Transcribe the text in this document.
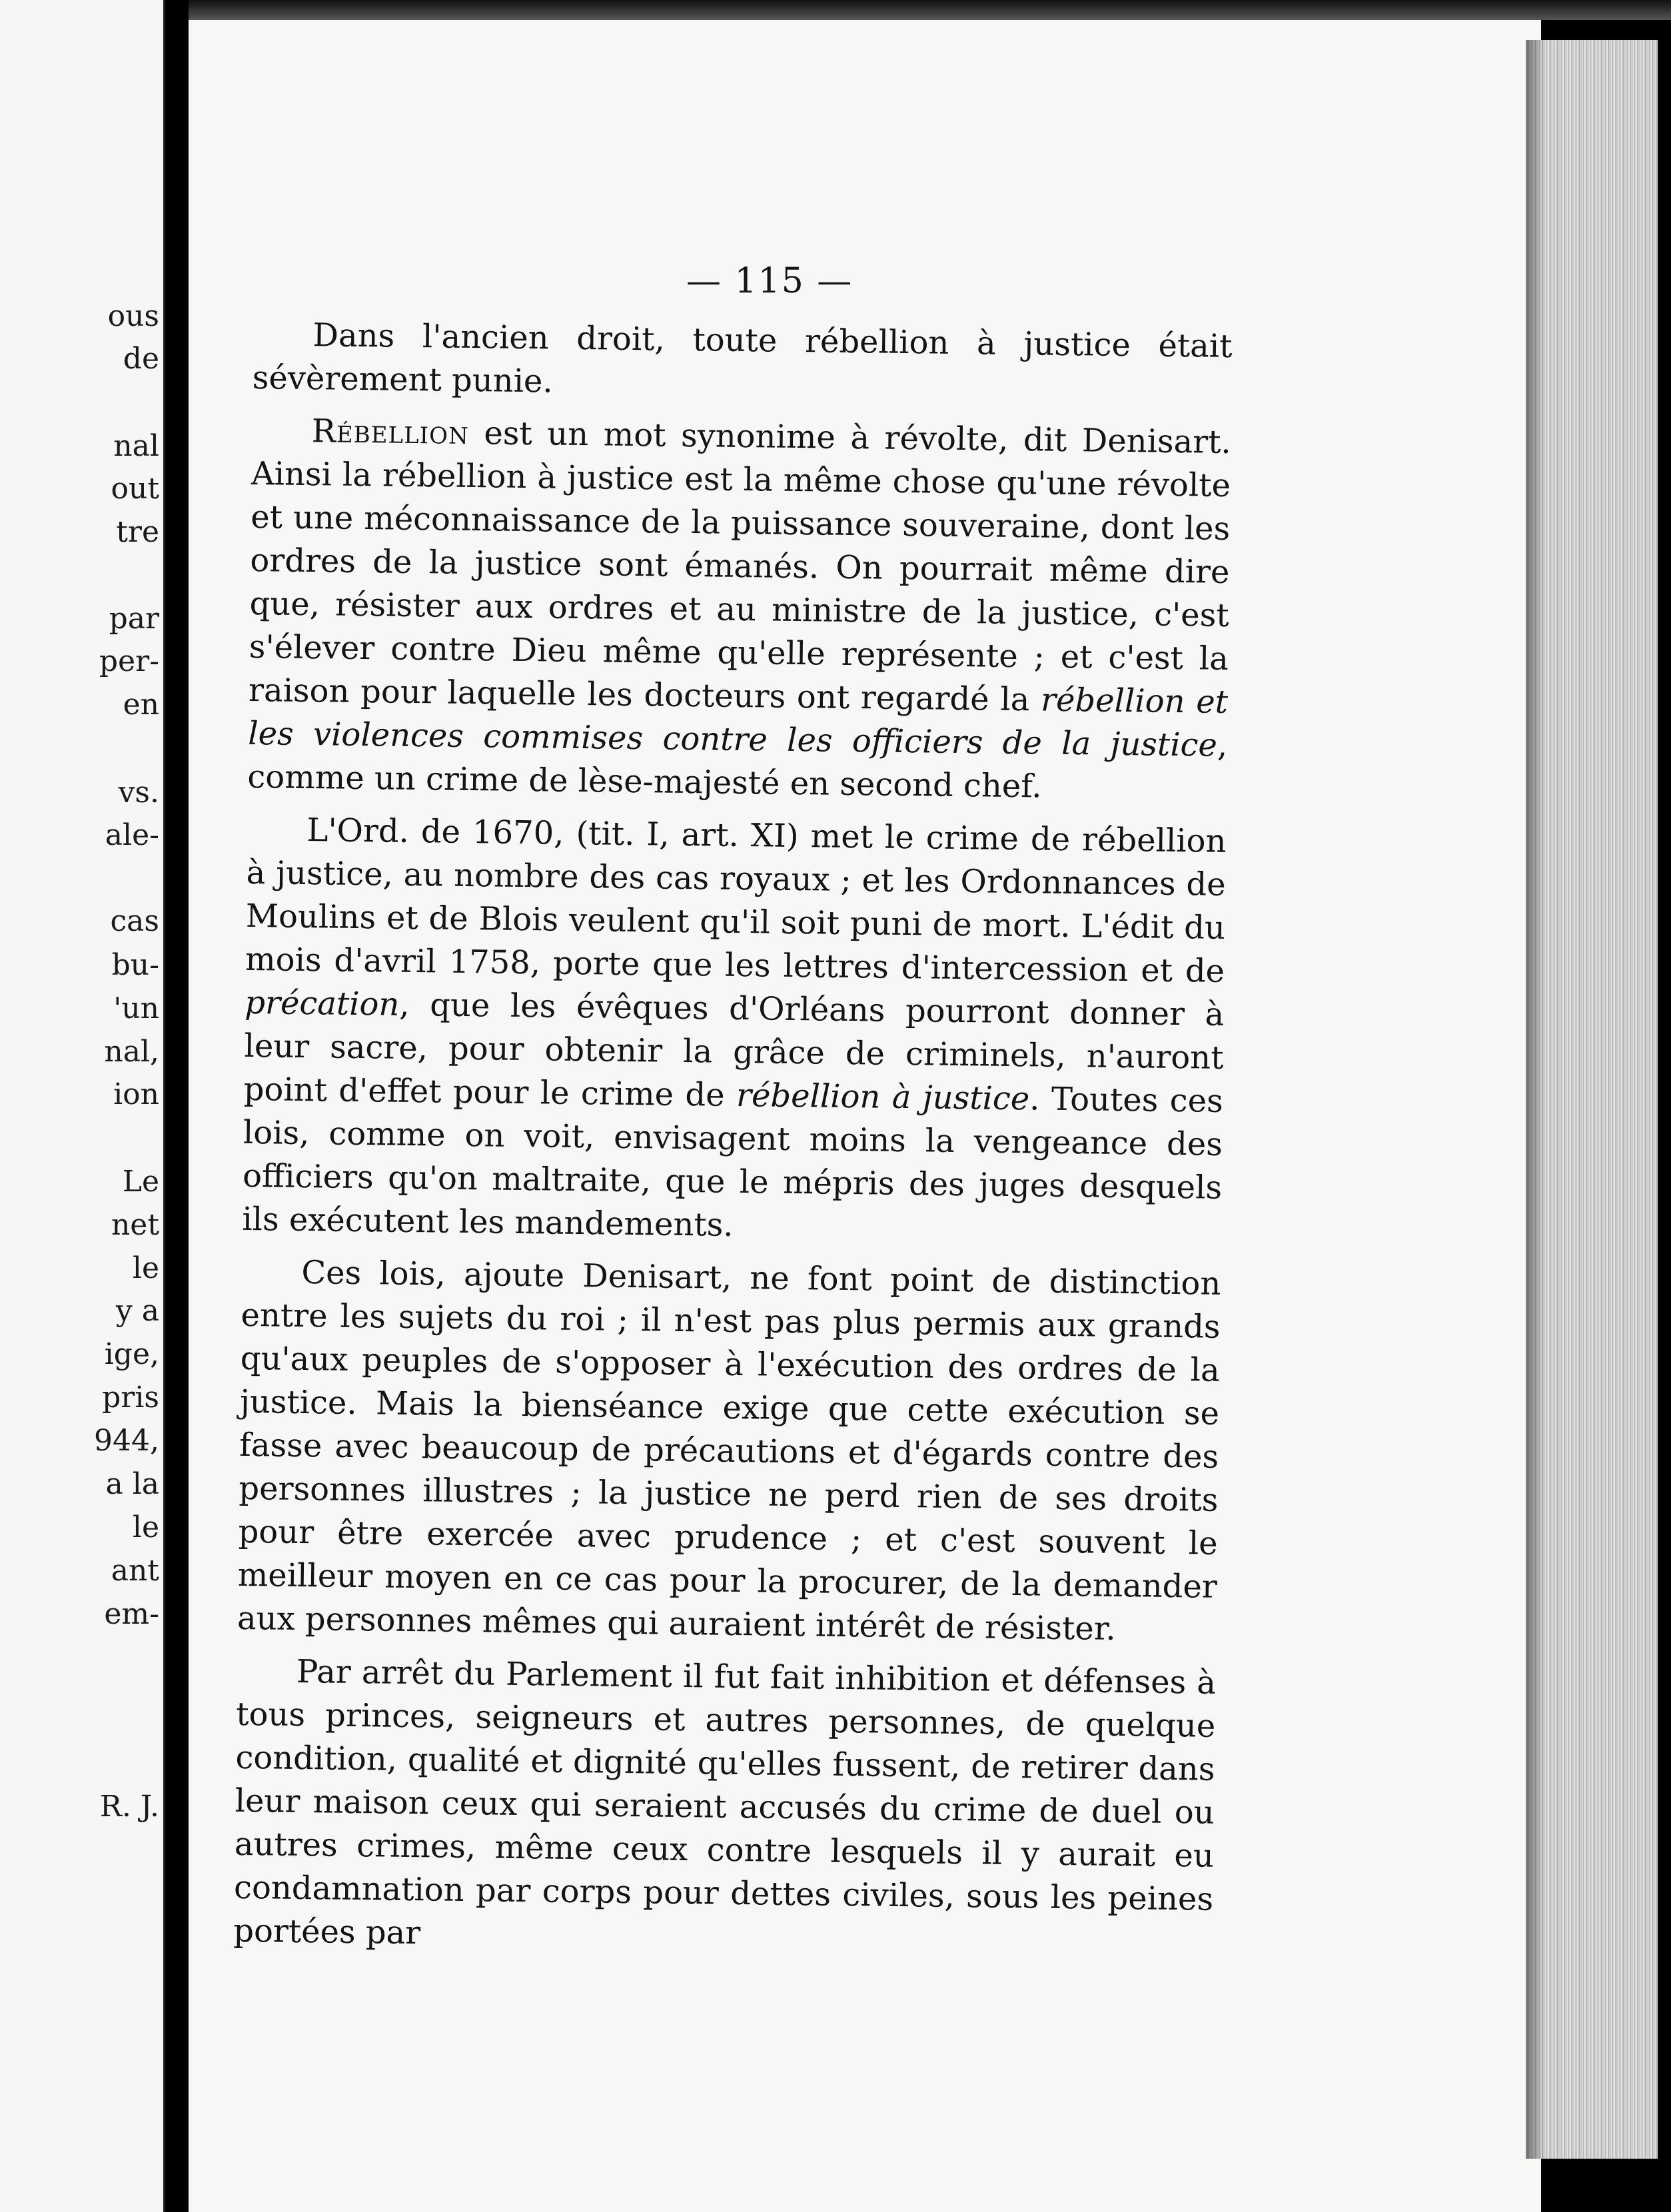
ous
de
nal
out
tre
par
per-
en
vs.
ale-
cas
bu-
'un
nal,
ion
Le
net
le
y a
ige,
pris
944,
a la
le
ant
em-
R. J.
— 115 —

Dans l'ancien droit, toute rébellion à justice était sévèrement punie.

Rébellion est un mot synonime à révolte, dit Denisart. Ainsi la rébellion à justice est la même chose qu'une révolte et une méconnaissance de la puissance souveraine, dont les ordres de la justice sont émanés. On pourrait même dire que, résister aux ordres et au ministre de la justice, c'est s'élever contre Dieu même qu'elle représente ; et c'est la raison pour laquelle les docteurs ont regardé la rébellion et les violences commises contre les officiers de la justice, comme un crime de lèse-majesté en second chef.

L'Ord. de 1670, (tit. I, art. XI) met le crime de rébellion à justice, au nombre des cas royaux ; et les Ordonnances de Moulins et de Blois veulent qu'il soit puni de mort. L'édit du mois d'avril 1758, porte que les lettres d'intercession et de précation, que les évêques d'Orléans pourront donner à leur sacre, pour obtenir la grâce de criminels, n'auront point d'effet pour le crime de rébellion à justice. Toutes ces lois, comme on voit, envisagent moins la vengeance des officiers qu'on maltraite, que le mépris des juges desquels ils exécutent les mandements.

Ces lois, ajoute Denisart, ne font point de distinction entre les sujets du roi ; il n'est pas plus permis aux grands qu'aux peuples de s'opposer à l'exécution des ordres de la justice. Mais la bienséance exige que cette exécution se fasse avec beaucoup de précautions et d'égards contre des personnes illustres ; la justice ne perd rien de ses droits pour être exercée avec prudence ; et c'est souvent le meilleur moyen en ce cas pour la procurer, de la demander aux personnes mêmes qui auraient intérêt de résister.

Par arrêt du Parlement il fut fait inhibition et défenses à tous princes, seigneurs et autres personnes, de quelque condition, qualité et dignité qu'elles fussent, de retirer dans leur maison ceux qui seraient accusés du crime de duel ou autres crimes, même ceux contre lesquels il y aurait eu condamnation par corps pour dettes civiles, sous les peines portées par
